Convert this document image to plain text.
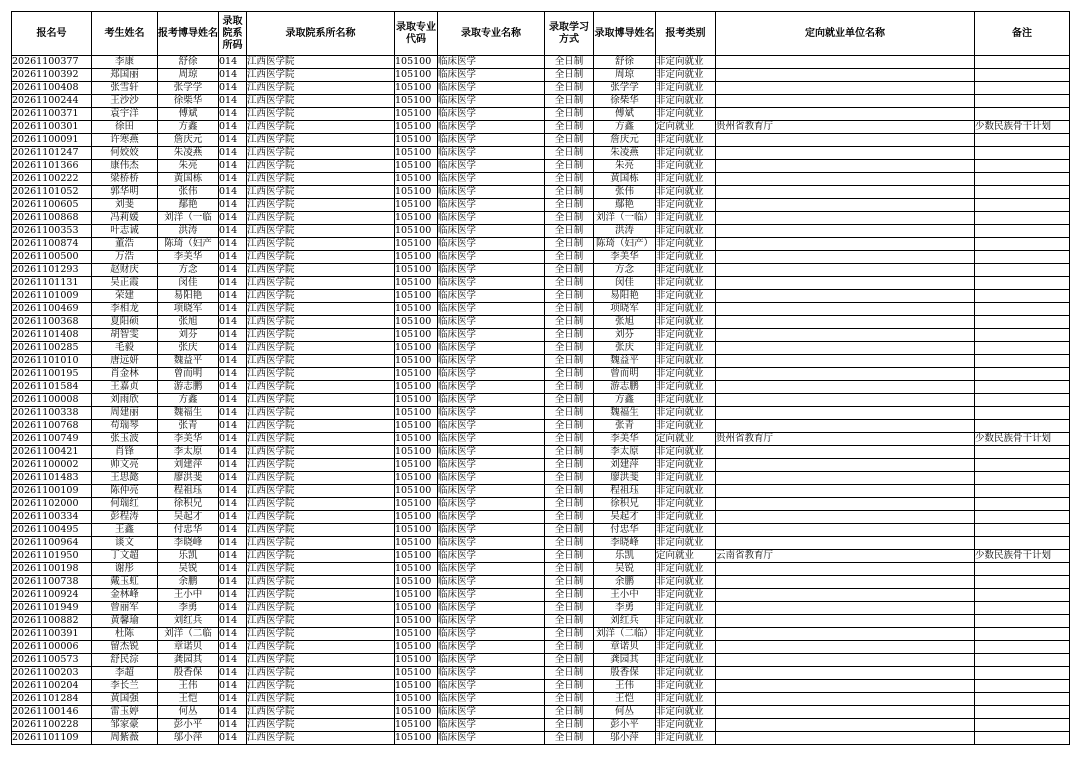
报名号	考生姓名	报考博导姓名	录取院系所码	录取院系所名称	录取专业代码	录取专业名称	录取学习方式	录取博导姓名	报考类别	定向就业单位名称	备注
20261100377	李康	舒徐	014	江西医学院	105100	临床医学	全日制	舒徐	非定向就业		
20261100392	郑国丽	周琼	014	江西医学院	105100	临床医学	全日制	周琼	非定向就业		
20261100408	张雪轩	张学学	014	江西医学院	105100	临床医学	全日制	张学学	非定向就业		
20261100244	王沙沙	徐柴华	014	江西医学院	105100	临床医学	全日制	徐柴华	非定向就业		
20261100371	袁宇洋	傅斌	014	江西医学院	105100	临床医学	全日制	傅斌	非定向就业		
20261100301	徐田	方鑫	014	江西医学院	105100	临床医学	全日制	方鑫	定向就业	贵州省教育厅	少数民族骨干计划
20261100091	许寒燕	詹庆元	014	江西医学院	105100	临床医学	全日制	詹庆元	非定向就业		
20261101247	何姣姣	朱凌燕	014	江西医学院	105100	临床医学	全日制	朱凌燕	非定向就业		
20261101366	康伟杰	朱亮	014	江西医学院	105100	临床医学	全日制	朱亮	非定向就业		
20261100222	梁桥桥	黄国栋	014	江西医学院	105100	临床医学	全日制	黄国栋	非定向就业		
20261101052	郭华明	张伟	014	江西医学院	105100	临床医学	全日制	张伟	非定向就业		
20261100605	刘斐	鄢艳	014	江西医学院	105100	临床医学	全日制	鄢艳	非定向就业		
20261100868	冯莉媛	刘洋（一临	014	江西医学院	105100	临床医学	全日制	刘洋（一临）	非定向就业		
20261100353	叶志诚	洪涛	014	江西医学院	105100	临床医学	全日制	洪涛	非定向就业		
20261100874	董浩	陈琦（妇产	014	江西医学院	105100	临床医学	全日制	陈琦（妇产）	非定向就业		
20261100500	万浩	李美华	014	江西医学院	105100	临床医学	全日制	李美华	非定向就业		
20261101293	赵财庆	方念	014	江西医学院	105100	临床医学	全日制	方念	非定向就业		
20261101131	吴正霞	闵佳	014	江西医学院	105100	临床医学	全日制	闵佳	非定向就业		
20261101009	荣建	易阳艳	014	江西医学院	105100	临床医学	全日制	易阳艳	非定向就业		
20261100469	李相龙	项晓军	014	江西医学院	105100	临床医学	全日制	项晓军	非定向就业		
20261100368	夏阳硕	张旭	014	江西医学院	105100	临床医学	全日制	张旭	非定向就业		
20261101408	胡智雯	刘芬	014	江西医学院	105100	临床医学	全日制	刘芬	非定向就业		
20261100285	毛毅	张庆	014	江西医学院	105100	临床医学	全日制	张庆	非定向就业		
20261101010	唐远妍	魏益平	014	江西医学院	105100	临床医学	全日制	魏益平	非定向就业		
20261100195	肖金林	曾而明	014	江西医学院	105100	临床医学	全日制	曾而明	非定向就业		
20261101584	王嘉贞	游志鹏	014	江西医学院	105100	临床医学	全日制	游志鹏	非定向就业		
20261100008	刘雨欣	方鑫	014	江西医学院	105100	临床医学	全日制	方鑫	非定向就业		
20261100338	周建丽	魏福生	014	江西医学院	105100	临床医学	全日制	魏福生	非定向就业		
20261100768	苟瑞琴	张青	014	江西医学院	105100	临床医学	全日制	张青	非定向就业		
20261100749	张玉波	李美华	014	江西医学院	105100	临床医学	全日制	李美华	定向就业	贵州省教育厅	少数民族骨干计划
20261100421	肖锋	李太原	014	江西医学院	105100	临床医学	全日制	李太原	非定向就业		
20261100002	帅文亮	刘建萍	014	江西医学院	105100	临床医学	全日制	刘建萍	非定向就业		
20261101483	王思懿	廖洪斐	014	江西医学院	105100	临床医学	全日制	廖洪斐	非定向就业		
20261100109	陈仲亮	程祖珏	014	江西医学院	105100	临床医学	全日制	程祖珏	非定向就业		
20261102000	何瑞红	徐积兄	014	江西医学院	105100	临床医学	全日制	徐积兄	非定向就业		
20261100334	彭程涛	吴起才	014	江西医学院	105100	临床医学	全日制	吴起才	非定向就业		
20261100495	王鑫	付忠华	014	江西医学院	105100	临床医学	全日制	付忠华	非定向就业		
20261100964	谈文	李晓峰	014	江西医学院	105100	临床医学	全日制	李晓峰	非定向就业		
20261101950	丁文超	乐凯	014	江西医学院	105100	临床医学	全日制	乐凯	定向就业	云南省教育厅	少数民族骨干计划
20261100198	谢彤	吴锐	014	江西医学院	105100	临床医学	全日制	吴锐	非定向就业		
20261100738	戴玉虹	余鹏	014	江西医学院	105100	临床医学	全日制	余鹏	非定向就业		
20261100924	金林峰	王小中	014	江西医学院	105100	临床医学	全日制	王小中	非定向就业		
20261101949	曾丽军	李勇	014	江西医学院	105100	临床医学	全日制	李勇	非定向就业		
20261100882	黄馨瑜	刘红兵	014	江西医学院	105100	临床医学	全日制	刘红兵	非定向就业		
20261100391	杜陈	刘洋（二临	014	江西医学院	105100	临床医学	全日制	刘洋（二临）	非定向就业		
20261100006	留杰锐	章诺贝	014	江西医学院	105100	临床医学	全日制	章诺贝	非定向就业		
20261100573	舒民淙	龚园其	014	江西医学院	105100	临床医学	全日制	龚园其	非定向就业		
20261100203	李超	殷香保	014	江西医学院	105100	临床医学	全日制	殷香保	非定向就业		
20261100204	李长兰	王伟	014	江西医学院	105100	临床医学	全日制	王伟	非定向就业		
20261101284	黄国强	王恺	014	江西医学院	105100	临床医学	全日制	王恺	非定向就业		
20261100146	雷玉婷	何丛	014	江西医学院	105100	临床医学	全日制	何丛	非定向就业		
20261100228	邹家豪	彭小平	014	江西医学院	105100	临床医学	全日制	彭小平	非定向就业		
20261101109	周紫薇	邬小萍	014	江西医学院	105100	临床医学	全日制	邬小萍	非定向就业		
